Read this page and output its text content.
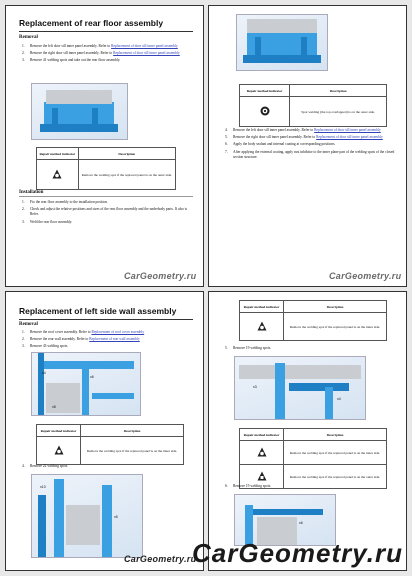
Replacement of rear floor assembly
Removal
1. Remove the left door sill inner panel assembly. Refer to Replacement of door sill inner panel assembly
2. Remove the right door sill inner panel assembly. Refer to Replacement of door sill inner panel assembly
3. Remove 41 welding spots and take out the rear floor assembly.
Repair method indicator	Description
	Remove the welding spot if the replaced panel is on the outer side.
Installation
1. Fix the rear floor assembly to the installation position.
2. Check and adjust the relative positions and sizes of the rear floor assembly and the underbody parts. If also is Refer.
3. Weld the rear floor assembly.
CarGeometry.ru
Repair method indicator	Description
	Spot welding (the top overlapped) is on the outer side.
4. Remove the left door sill inner panel assembly. Refer to Replacement of door sill inner panel assembly
5. Remove the right door sill inner panel assembly. Refer to Replacement of door sill inner panel assembly
6. Apply the body sealant and internal coating at corresponding positions.
7. After applying the external coating, apply rust inhibitor to the inner plane part of the welding spots of the closed section structure.
CarGeometry.ru
Replacement of left side wall assembly
Removal
1. Remove the roof cover assembly. Refer to Replacement of roof cover assembly
2. Remove the rear wall assembly. Refer to Replacement of rear wall assembly
3. Remove 43 welding spots.
x4
x6
x8
Repair method indicator	Description
	Remove the welding spot if the replaced panel is on the inner side.
4. Remove 22 welding spots.
x10
x5
CarGeometry.ru
Repair method indicator	Description
	Remove the welding spot if the replaced panel is on the inner side.
5. Remove 19 welding spots.
x3
x4
Repair method indicator	Description
	Remove the welding spot if the replaced panel is on the inner side.
	Remove the welding spot if the replaced panel is on the outer side.
6. Remove 19 welding spots.
x6
CarGeometry.ru
